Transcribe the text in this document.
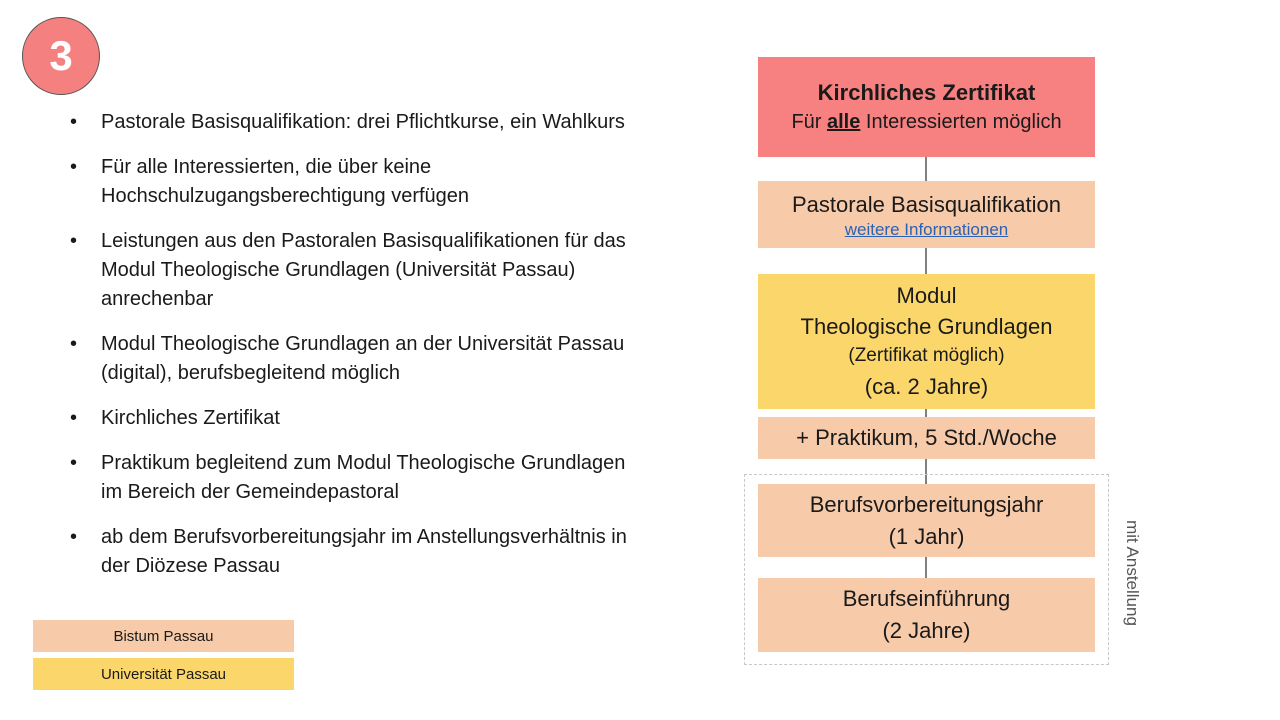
3
• Pastorale Basisqualifikation: drei Pflichtkurse, ein Wahlkurs
• Für alle Interessierten, die über keine Hochschulzugangsberechtigung verfügen
• Leistungen aus den Pastoralen Basisqualifikationen für das Modul Theologische Grundlagen (Universität Passau) anrechenbar
• Modul Theologische Grundlagen an der Universität Passau (digital), berufsbegleitend möglich
• Kirchliches Zertifikat
• Praktikum begleitend zum Modul Theologische Grundlagen im Bereich der Gemeindepastoral
• ab dem Berufsvorbereitungsjahr im Anstellungsverhältnis in der Diözese Passau
Bistum Passau
Universität Passau
mit Anstellung
Kirchliches Zertifikat
Für alle Interessierten möglich
Pastorale Basisqualifikation
weitere Informationen
Modul
Theologische Grundlagen
(Zertifikat möglich)
(ca. 2 Jahre)
+ Praktikum, 5 Std./Woche
Berufsvorbereitungsjahr
(1 Jahr)
Berufseinführung
(2 Jahre)
